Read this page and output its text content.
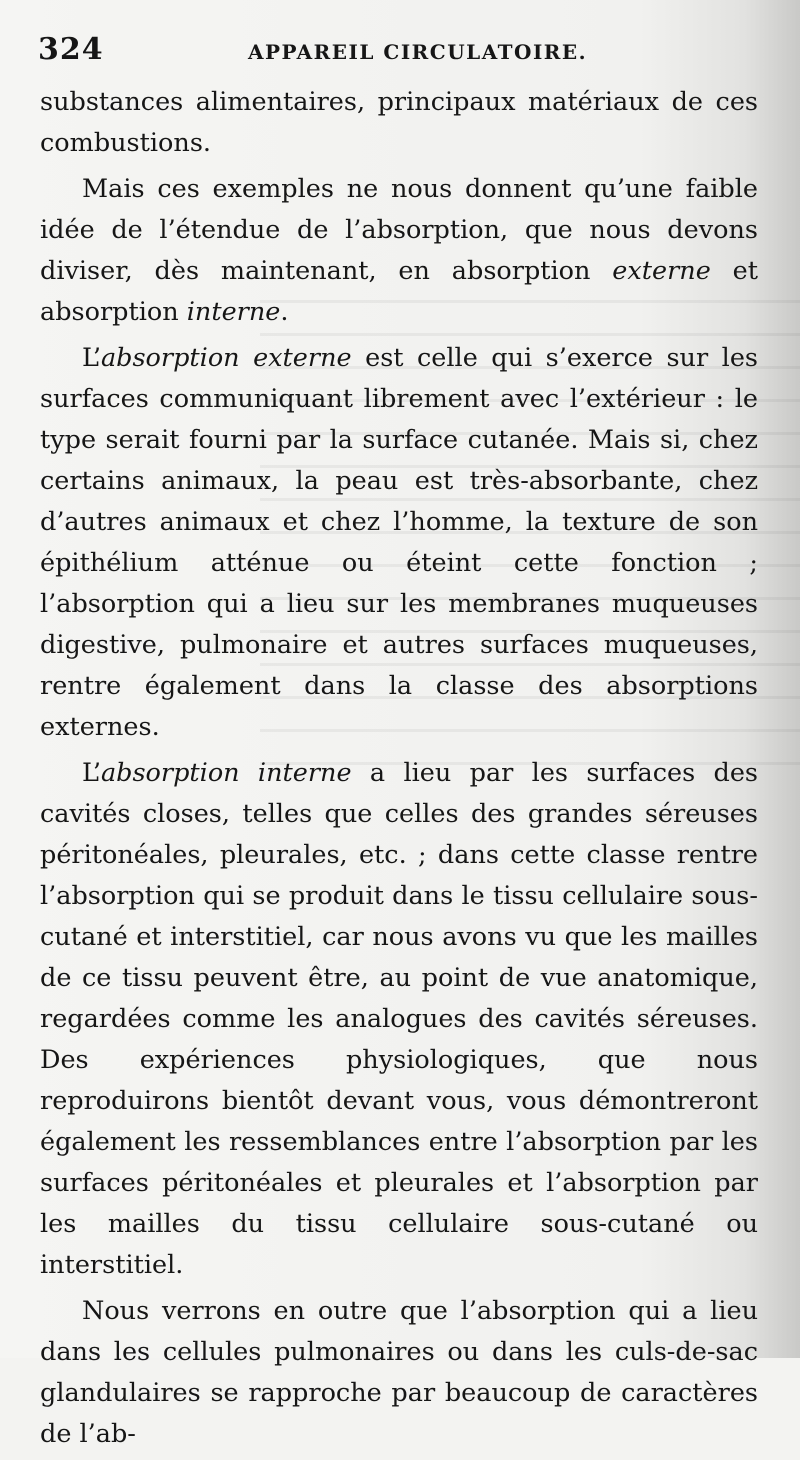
324	APPAREIL CIRCULATOIRE.

substances alimentaires, principaux matériaux de ces combustions.

Mais ces exemples ne nous donnent qu’une faible idée de l’étendue de l’absorption, que nous devons diviser, dès maintenant, en absorption externe et absorption interne.

L’absorption externe est celle qui s’exerce sur les surfaces communiquant librement avec l’extérieur : le type serait fourni par la surface cutanée. Mais si, chez certains animaux, la peau est très-absorbante, chez d’autres animaux et chez l’homme, la texture de son épithélium atténue ou éteint cette fonction ; l’absorption qui a lieu sur les membranes muqueuses digestive, pulmonaire et autres surfaces muqueuses, rentre également dans la classe des absorptions externes.

L’absorption interne a lieu par les surfaces des cavités closes, telles que celles des grandes séreuses péritonéales, pleurales, etc. ; dans cette classe rentre l’absorption qui se produit dans le tissu cellulaire sous-cutané et interstitiel, car nous avons vu que les mailles de ce tissu peuvent être, au point de vue anatomique, regardées comme les analogues des cavités séreuses. Des expériences physiologiques, que nous reproduirons bientôt devant vous, vous démontreront également les ressemblances entre l’absorption par les surfaces péritonéales et pleurales et l’absorption par les mailles du tissu cellulaire sous-cutané ou interstitiel.

Nous verrons en outre que l’absorption qui a lieu dans les cellules pulmonaires ou dans les culs-de-sac glandulaires se rapproche par beaucoup de caractères de l’ab-
